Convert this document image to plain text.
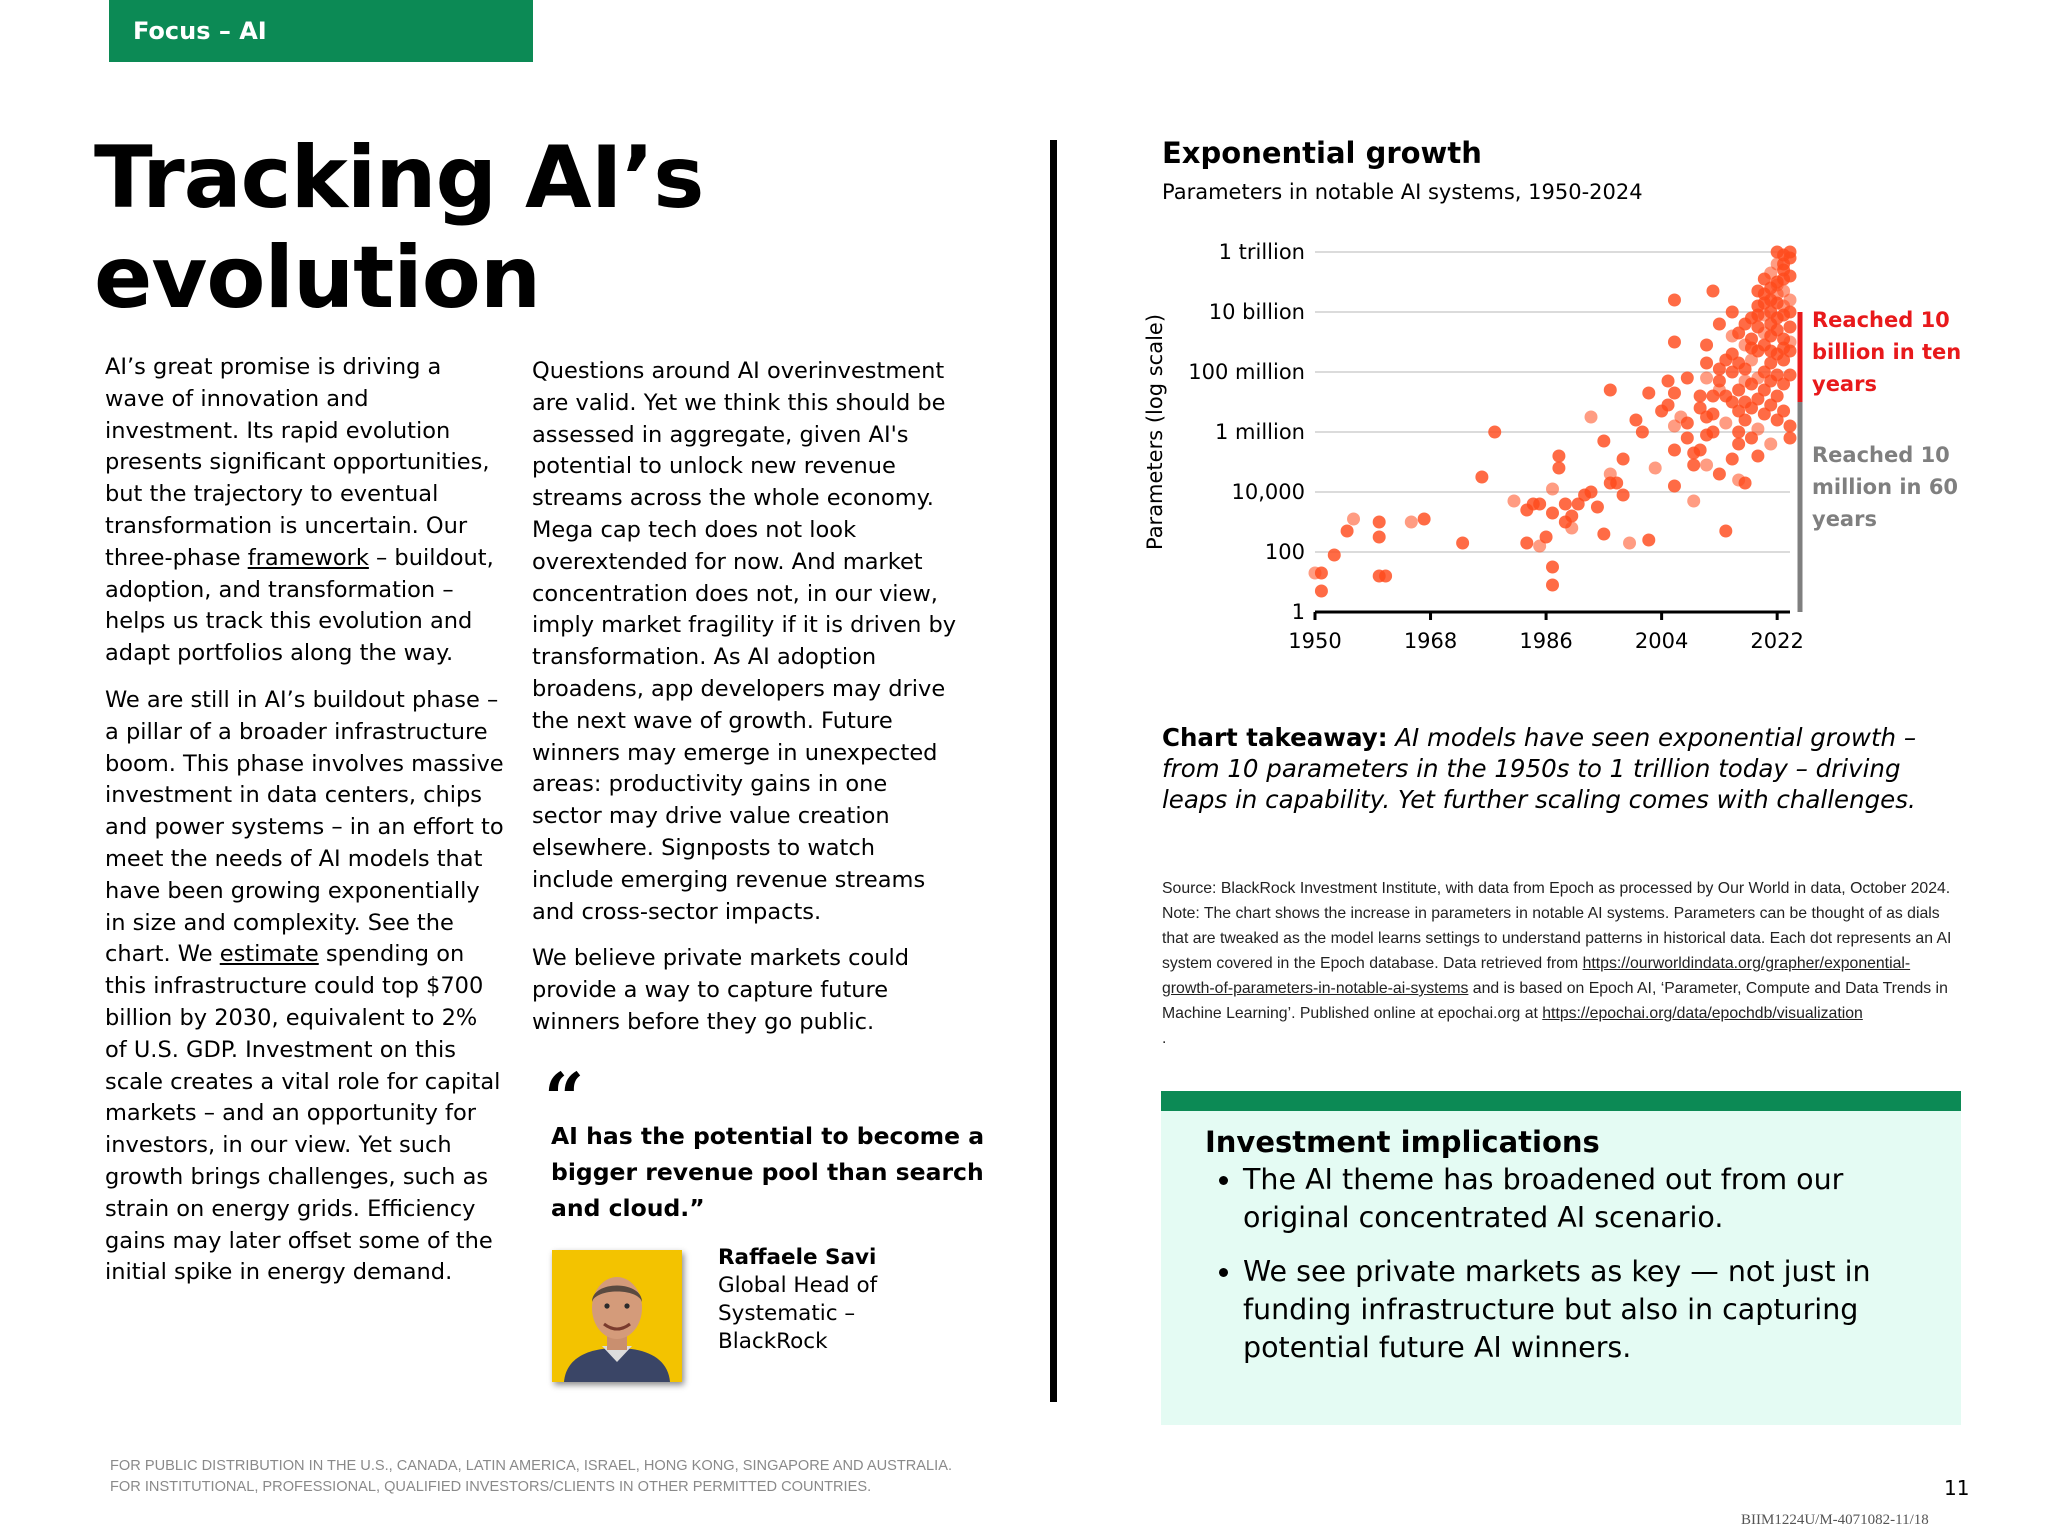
Focus – AI
Tracking AI’s
evolution

AI’s great promise is driving a wave of innovation and investment. Its rapid evolution presents significant opportunities, but the trajectory to eventual transformation is uncertain. Our three-phase framework – buildout, adoption, and transformation – helps us track this evolution and adapt portfolios along the way.

We are still in AI’s buildout phase – a pillar of a broader infrastructure boom. This phase involves massive investment in data centers, chips and power systems – in an effort to meet the needs of AI models that have been growing exponentially in size and complexity. See the chart. We estimate spending on this infrastructure could top $700 billion by 2030, equivalent to 2% of U.S. GDP. Investment on this scale creates a vital role for capital markets – and an opportunity for investors, in our view. Yet such growth brings challenges, such as strain on energy grids. Efficiency gains may later offset some of the initial spike in energy demand.

Questions around AI overinvestment are valid. Yet we think this should be assessed in aggregate, given AI's potential to unlock new revenue streams across the whole economy. Mega cap tech does not look overextended for now. And market concentration does not, in our view, imply market fragility if it is driven by transformation. As AI adoption broadens, app developers may drive the next wave of growth. Future winners may emerge in unexpected areas: productivity gains in one sector may drive value creation elsewhere. Signposts to watch include emerging revenue streams and cross-sector impacts.

We believe private markets could provide a way to capture future winners before they go public.

“
AI has the potential to become a bigger revenue pool than search and cloud.”
Raffaele Savi
Global Head of Systematic – BlackRock
Exponential growth
Parameters in notable AI systems, 1950-2024
1
100
10,000
1 million
100 million
10 billion
1 trillion
1950	1968	1986	2004	2022
Reached 10 billion in ten years
Reached 10 million in 60 years
Parameters (log scale)
Chart takeaway: AI models have seen exponential growth – from 10 parameters in the 1950s to 1 trillion today – driving leaps in capability. Yet further scaling comes with challenges.
Source: BlackRock Investment Institute, with data from Epoch as processed by Our World in data, October 2024. Note: The chart shows the increase in parameters in notable AI systems. Parameters can be thought of as dials that are tweaked as the model learns settings to understand patterns in historical data. Each dot represents an AI system covered in the Epoch database. Data retrieved from https://ourworldindata.org/grapher/exponential-growth-of-parameters-in-notable-ai-systems and is based on Epoch AI, ‘Parameter, Compute and Data Trends in Machine Learning’. Published online at epochai.org at https://epochai.org/data/epochdb/visualization
.
Investment implications
• The AI theme has broadened out from our original concentrated AI scenario.
• We see private markets as key — not just in funding infrastructure but also in capturing potential future AI winners.
FOR PUBLIC DISTRIBUTION IN THE U.S., CANADA, LATIN AMERICA, ISRAEL, HONG KONG, SINGAPORE AND AUSTRALIA.
FOR INSTITUTIONAL, PROFESSIONAL, QUALIFIED INVESTORS/CLIENTS IN OTHER PERMITTED COUNTRIES.	11
BIIM1224U/M-4071082-11/18
